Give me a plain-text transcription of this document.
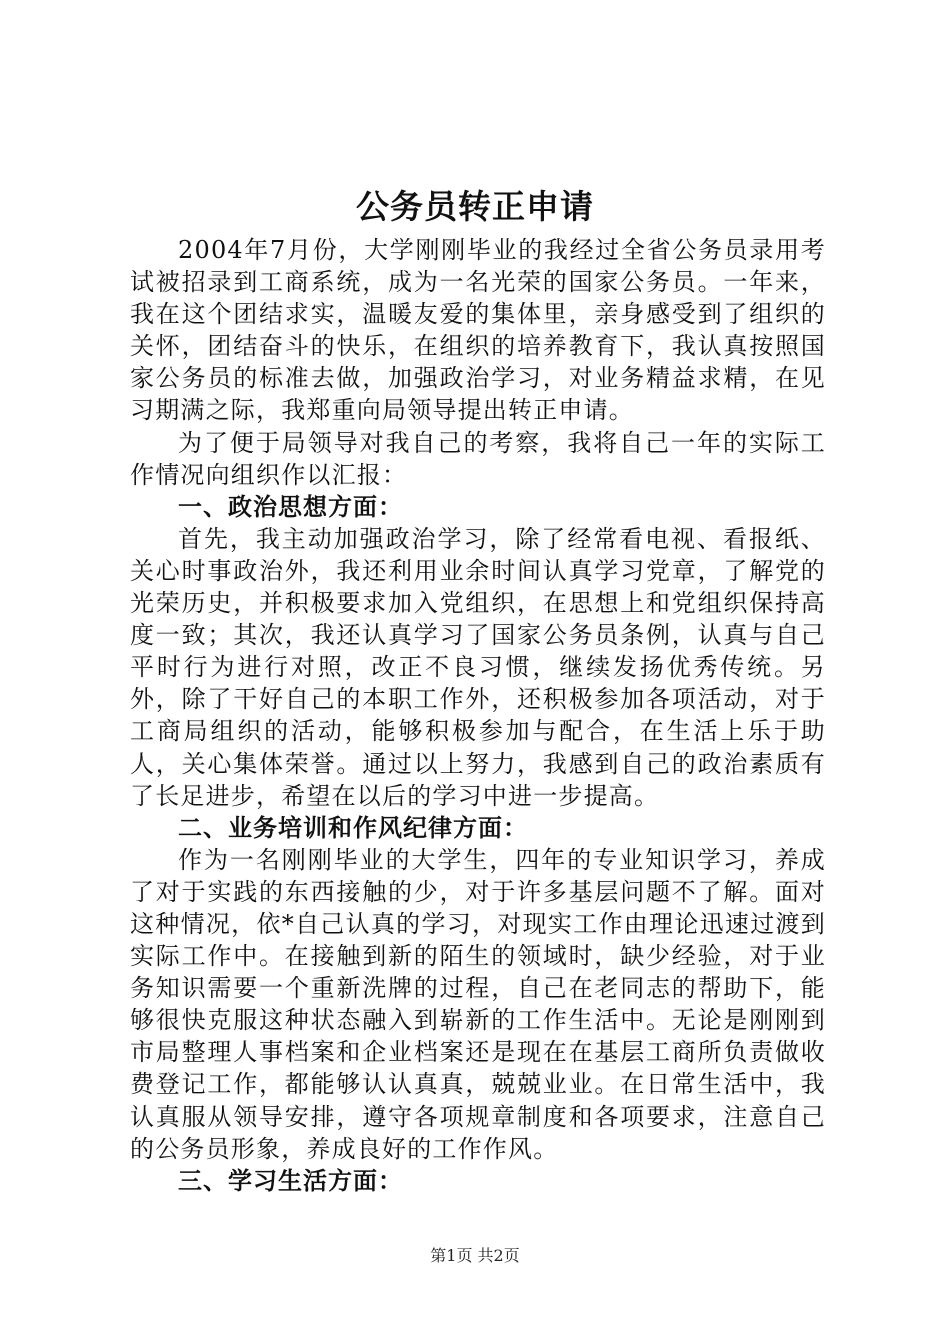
公务员转正申请

2004年7月份，大学刚刚毕业的我经过全省公务员录用考试被招录到工商系统，成为一名光荣的国家公务员。一年来，我在这个团结求实，温暖友爱的集体里，亲身感受到了组织的关怀，团结奋斗的快乐，在组织的培养教育下，我认真按照国家公务员的标准去做，加强政治学习，对业务精益求精，在见习期满之际，我郑重向局领导提出转正申请。

为了便于局领导对我自己的考察，我将自己一年的实际工作情况向组织作以汇报：

一、政治思想方面：

首先，我主动加强政治学习，除了经常看电视、看报纸、关心时事政治外，我还利用业余时间认真学习党章，了解党的光荣历史，并积极要求加入党组织，在思想上和党组织保持高度一致；其次，我还认真学习了国家公务员条例，认真与自己平时行为进行对照，改正不良习惯，继续发扬优秀传统。另外，除了干好自己的本职工作外，还积极参加各项活动，对于工商局组织的活动，能够积极参加与配合，在生活上乐于助人，关心集体荣誉。通过以上努力，我感到自己的政治素质有了长足进步，希望在以后的学习中进一步提高。

二、业务培训和作风纪律方面：

作为一名刚刚毕业的大学生，四年的专业知识学习，养成了对于实践的东西接触的少，对于许多基层问题不了解。面对这种情况，依*自己认真的学习，对现实工作由理论迅速过渡到实际工作中。在接触到新的陌生的领域时，缺少经验，对于业务知识需要一个重新洗牌的过程，自己在老同志的帮助下，能够很快克服这种状态融入到崭新的工作生活中。无论是刚刚到市局整理人事档案和企业档案还是现在在基层工商所负责做收费登记工作，都能够认认真真，兢兢业业。在日常生活中，我认真服从领导安排，遵守各项规章制度和各项要求，注意自己的公务员形象，养成良好的工作作风。

三、学习生活方面：

第1页 共2页
